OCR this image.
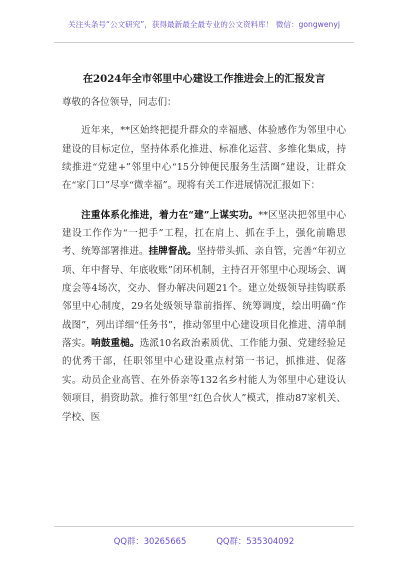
关注头条号“公文研究”，获得最新最全最专业的公文资料库！ 微信：gongwenyj
在2024年全市邻里中心建设工作推进会上的汇报发言

尊敬的各位领导，同志们：

近年来，**区始终把提升群众的幸福感、体验感作为邻里中心建设的目标定位，坚持体系化推进、标准化运营、多维化集成，持续推进“党建+”邻里中心“15分钟便民服务生活圈”建设，让群众在“家门口”尽享“微幸福”。现将有关工作进展情况汇报如下：

注重体系化推进，着力在“建”上谋实功。**区坚决把邻里中心建设工作作为“一把手”工程，扛在肩上、抓在手上，强化前瞻思考、统筹部署推进。挂牌督战。坚持带头抓、亲自管，完善“年初立项、年中督导、年底收账”闭环机制，主持召开邻里中心现场会、调度会等4场次，交办、督办解决问题21个。建立处级领导挂钩联系邻里中心制度，29名处级领导靠前指挥、统筹调度，绘出明确“作战图”，列出详细“任务书”，推动邻里中心建设项目化推进、清单制落实。响鼓重槌。选派10名政治素质优、工作能力强、党建经验足的优秀干部，任职邻里中心建设重点村第一书记，抓推进、促落实。动员企业高管、在外侨亲等132名乡村能人为邻里中心建设认领项目，捐资助款。推行邻里“红色合伙人”模式，推动87家机关、学校、医

QQ群：30265665	QQ群：535304092
